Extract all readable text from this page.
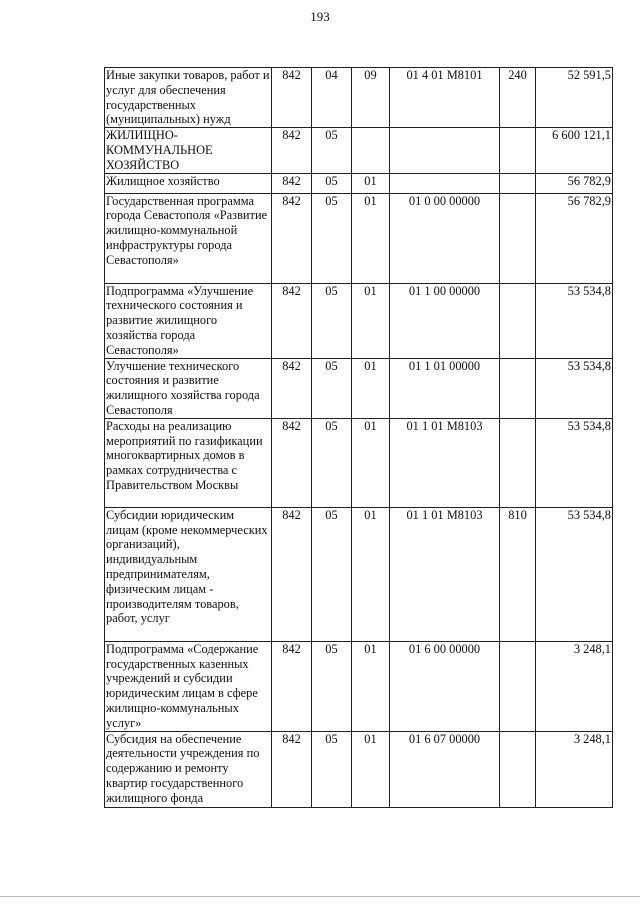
193
Иные закупки товаров, работ и услуг для обеспечения государственных (муниципальных) нужд	842	04	09	01 4 01 М8101	240	52 591,5
ЖИЛИЩНО-КОММУНАЛЬНОЕ ХОЗЯЙСТВО	842	05				6 600 121,1
Жилищное хозяйство	842	05	01			56 782,9
Государственная программа города Севастополя «Развитие жилищно-коммунальной инфраструктуры города Севастополя»	842	05	01	01 0 00 00000		56 782,9
Подпрограмма «Улучшение технического состояния и развитие жилищного хозяйства города Севастополя»	842	05	01	01 1 00 00000		53 534,8
Улучшение технического состояния и развитие жилищного хозяйства города Севастополя	842	05	01	01 1 01 00000		53 534,8
Расходы на реализацию мероприятий по газификации многоквартирных домов в рамках сотрудничества с Правительством Москвы	842	05	01	01 1 01 М8103		53 534,8
Субсидии юридическим лицам (кроме некоммерческих организаций), индивидуальным предпринимателям, физическим лицам - производителям товаров, работ, услуг	842	05	01	01 1 01 М8103	810	53 534,8
Подпрограмма «Содержание государственных казенных учреждений и субсидии юридическим лицам в сфере жилищно-коммунальных услуг»	842	05	01	01 6 00 00000		3 248,1
Субсидия на обеспечение деятельности учреждения по содержанию и ремонту квартир государственного жилищного фонда	842	05	01	01 6 07 00000		3 248,1
